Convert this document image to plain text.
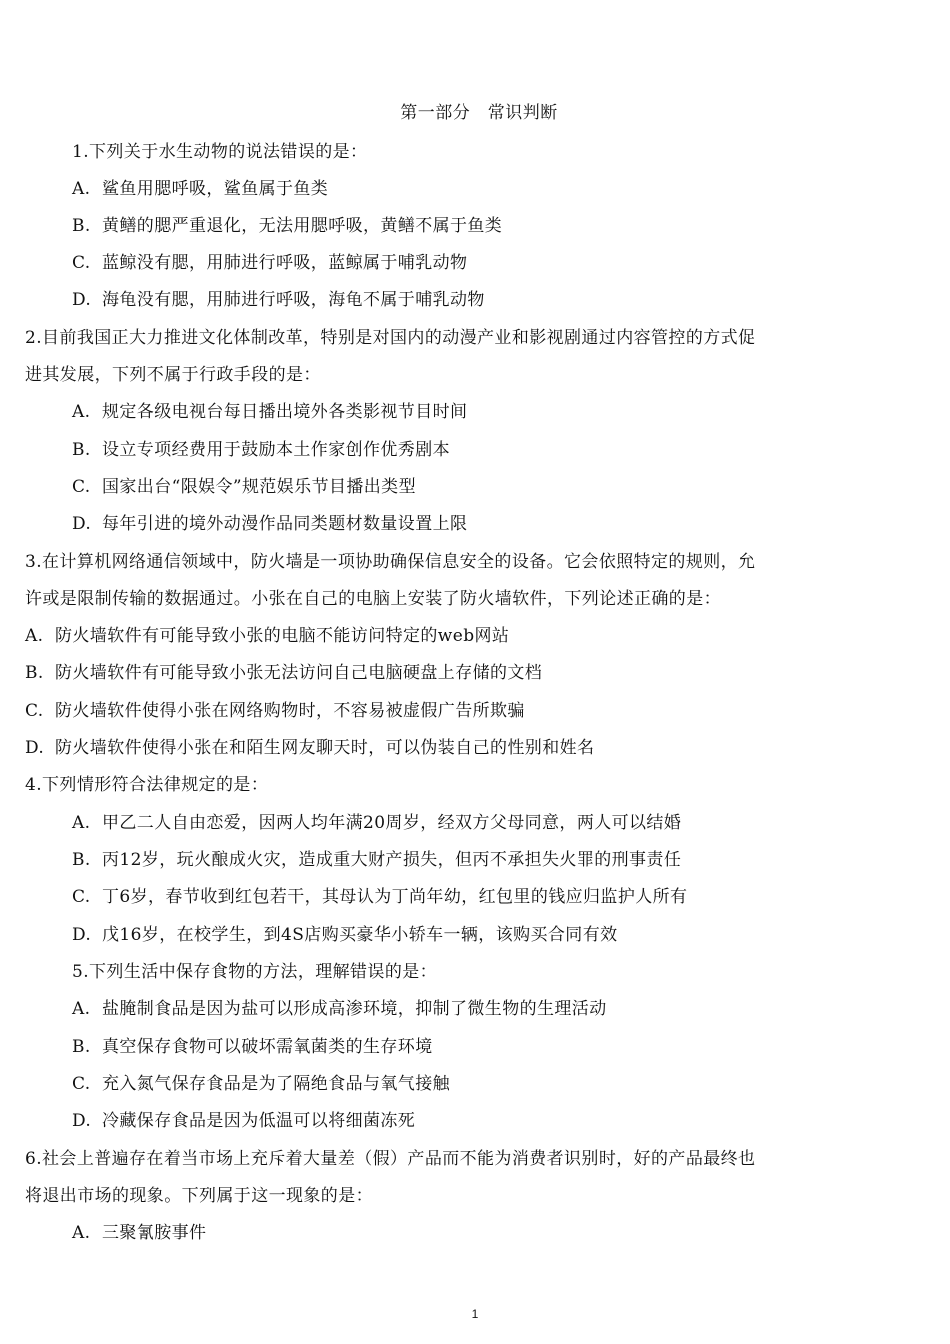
第一部分　常识判断
1.下列关于水生动物的说法错误的是：
A. 鲨鱼用腮呼吸，鲨鱼属于鱼类
B. 黄鳝的腮严重退化，无法用腮呼吸，黄鳝不属于鱼类
C. 蓝鲸没有腮，用肺进行呼吸，蓝鲸属于哺乳动物
D. 海龟没有腮，用肺进行呼吸，海龟不属于哺乳动物
2.目前我国正大力推进文化体制改革，特别是对国内的动漫产业和影视剧通过内容管控的方式促
进其发展，下列不属于行政手段的是：
A. 规定各级电视台每日播出境外各类影视节目时间
B. 设立专项经费用于鼓励本土作家创作优秀剧本
C. 国家出台“限娱令”规范娱乐节目播出类型
D. 每年引进的境外动漫作品同类题材数量设置上限
3.在计算机网络通信领域中，防火墙是一项协助确保信息安全的设备。它会依照特定的规则，允
许或是限制传输的数据通过。小张在自己的电脑上安装了防火墙软件，下列论述正确的是：
A. 防火墙软件有可能导致小张的电脑不能访问特定的web网站
B. 防火墙软件有可能导致小张无法访问自己电脑硬盘上存储的文档
C. 防火墙软件使得小张在网络购物时，不容易被虚假广告所欺骗
D. 防火墙软件使得小张在和陌生网友聊天时，可以伪装自己的性别和姓名
4.下列情形符合法律规定的是：
A. 甲乙二人自由恋爱，因两人均年满20周岁，经双方父母同意，两人可以结婚
B. 丙12岁，玩火酿成火灾，造成重大财产损失，但丙不承担失火罪的刑事责任
C. 丁6岁，春节收到红包若干，其母认为丁尚年幼，红包里的钱应归监护人所有
D. 戊16岁，在校学生，到4S店购买豪华小轿车一辆，该购买合同有效
5.下列生活中保存食物的方法，理解错误的是：
A. 盐腌制食品是因为盐可以形成高渗环境，抑制了微生物的生理活动
B. 真空保存食物可以破坏需氧菌类的生存环境
C. 充入氮气保存食品是为了隔绝食品与氧气接触
D. 冷藏保存食品是因为低温可以将细菌冻死
6.社会上普遍存在着当市场上充斥着大量差（假）产品而不能为消费者识别时，好的产品最终也
将退出市场的现象。下列属于这一现象的是：
A. 三聚氰胺事件
1
